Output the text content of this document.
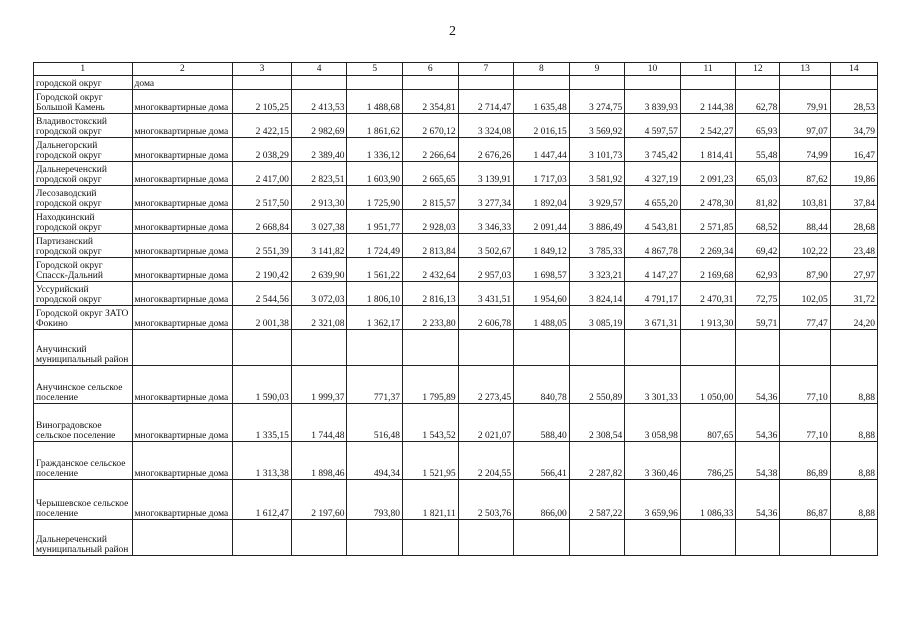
2
1	2	3	4	5	6	7	8	9	10	11	12	13	14
городской округ	дома												
Городской округ Большой Камень	многоквартирные дома	2 105,25	2 413,53	1 488,68	2 354,81	2 714,47	1 635,48	3 274,75	3 839,93	2 144,38	62,78	79,91	28,53
Владивостокский городской округ	многоквартирные дома	2 422,15	2 982,69	1 861,62	2 670,12	3 324,08	2 016,15	3 569,92	4 597,57	2 542,27	65,93	97,07	34,79
Дальнегорский городской округ	многоквартирные дома	2 038,29	2 389,40	1 336,12	2 266,64	2 676,26	1 447,44	3 101,73	3 745,42	1 814,41	55,48	74,99	16,47
Дальнереченский городской округ	многоквартирные дома	2 417,00	2 823,51	1 603,90	2 665,65	3 139,91	1 717,03	3 581,92	4 327,19	2 091,23	65,03	87,62	19,86
Лесозаводский городской округ	многоквартирные дома	2 517,50	2 913,30	1 725,90	2 815,57	3 277,34	1 892,04	3 929,57	4 655,20	2 478,30	81,82	103,81	37,84
Находкинский городской округ	многоквартирные дома	2 668,84	3 027,38	1 951,77	2 928,03	3 346,33	2 091,44	3 886,49	4 543,81	2 571,85	68,52	88,44	28,68
Партизанский городской округ	многоквартирные дома	2 551,39	3 141,82	1 724,49	2 813,84	3 502,67	1 849,12	3 785,33	4 867,78	2 269,34	69,42	102,22	23,48
Городской округ Спасск-Дальний	многоквартирные дома	2 190,42	2 639,90	1 561,22	2 432,64	2 957,03	1 698,57	3 323,21	4 147,27	2 169,68	62,93	87,90	27,97
Уссурийский городской округ	многоквартирные дома	2 544,56	3 072,03	1 806,10	2 816,13	3 431,51	1 954,60	3 824,14	4 791,17	2 470,31	72,75	102,05	31,72
Городской округ ЗАТО Фокино	многоквартирные дома	2 001,38	2 321,08	1 362,17	2 233,80	2 606,78	1 488,05	3 085,19	3 671,31	1 913,30	59,71	77,47	24,20
Анучинский муниципальный район													
Анучинское сельское поселение	многоквартирные дома	1 590,03	1 999,37	771,37	1 795,89	2 273,45	840,78	2 550,89	3 301,33	1 050,00	54,36	77,10	8,88
Виноградовское сельское поселение	многоквартирные дома	1 335,15	1 744,48	516,48	1 543,52	2 021,07	588,40	2 308,54	3 058,98	807,65	54,36	77,10	8,88
Гражданское сельское поселение	многоквартирные дома	1 313,38	1 898,46	494,34	1 521,95	2 204,55	566,41	2 287,82	3 360,46	786,25	54,38	86,89	8,88
Черышевское сельское поселение	многоквартирные дома	1 612,47	2 197,60	793,80	1 821,11	2 503,76	866,00	2 587,22	3 659,96	1 086,33	54,36	86,87	8,88
Дальнереченский муниципальный район													
